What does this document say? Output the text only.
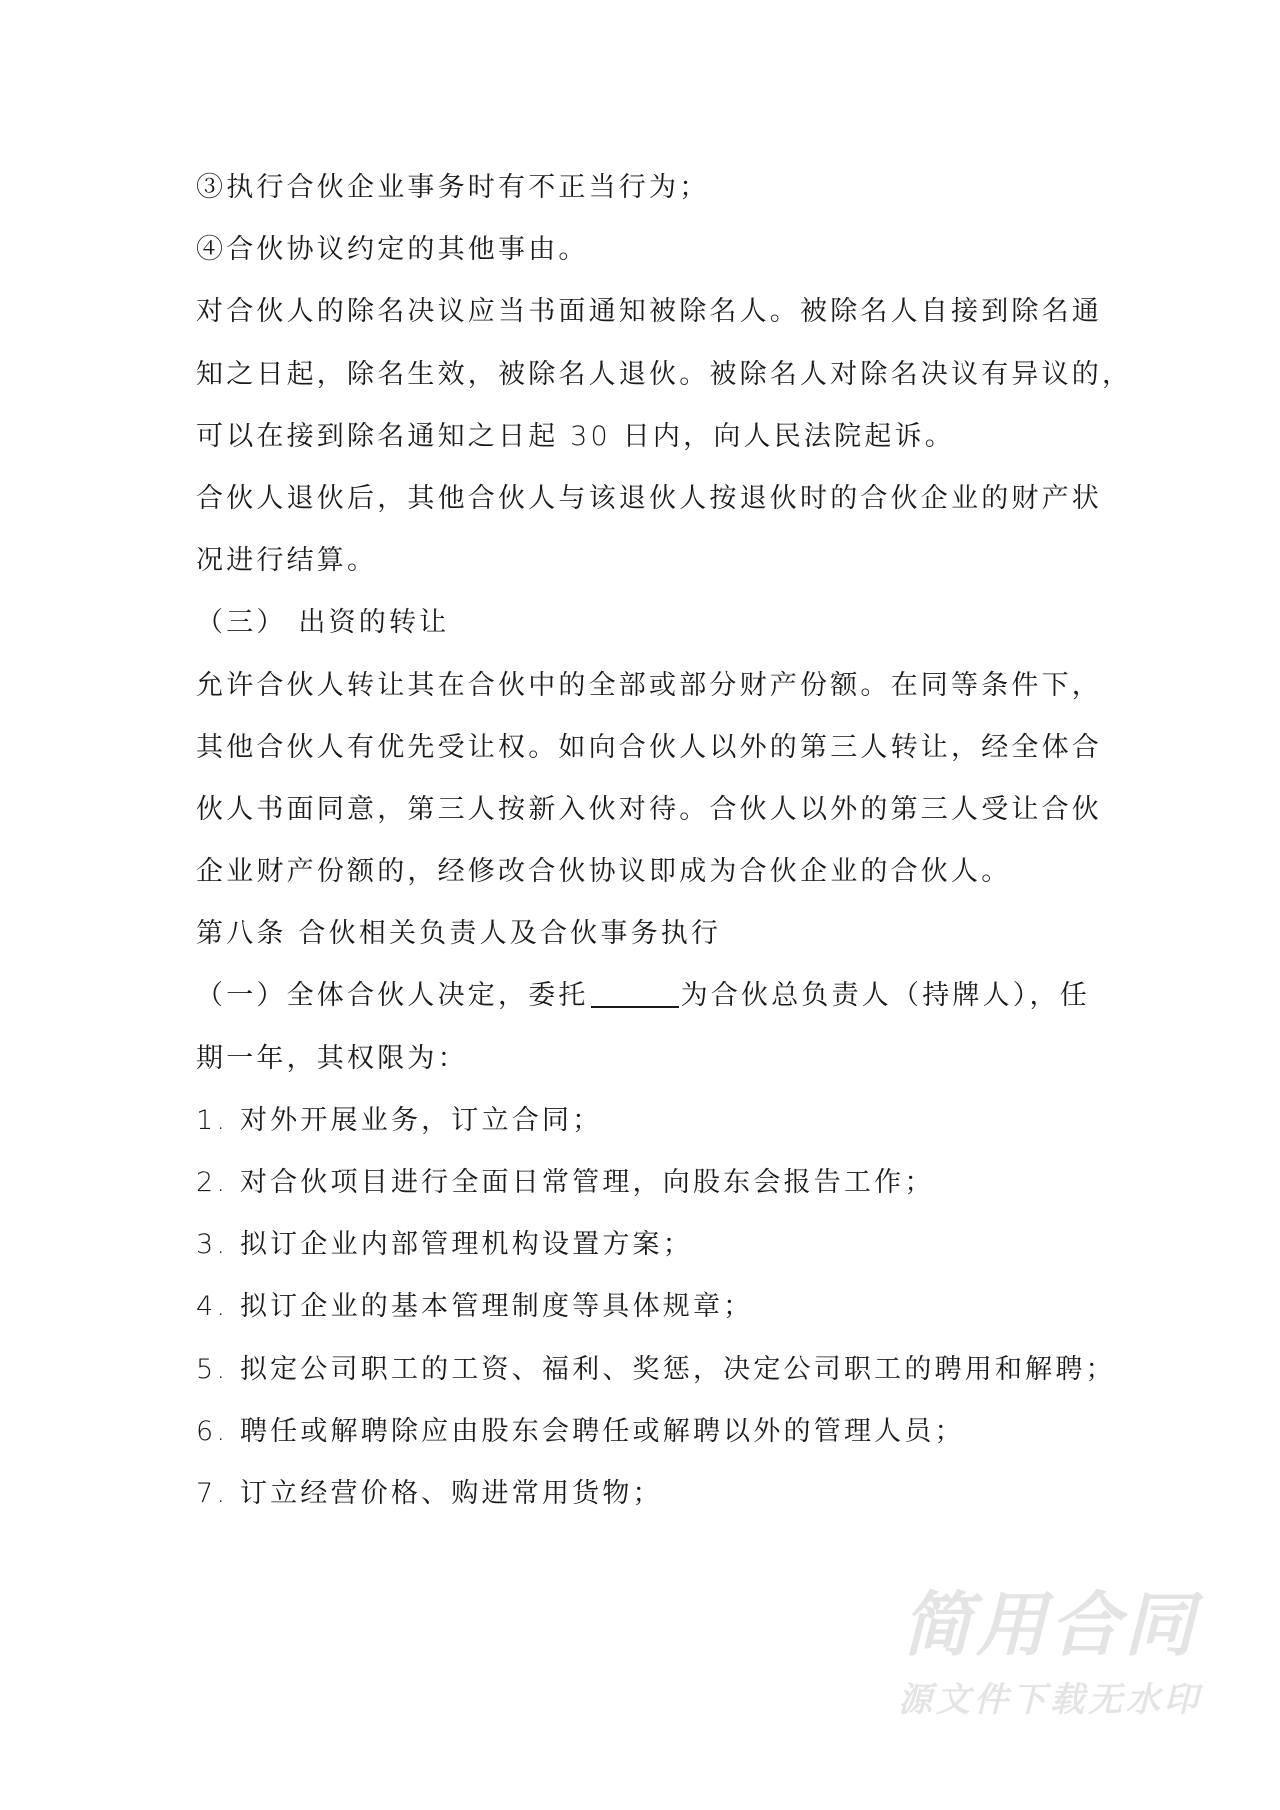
③执行合伙企业事务时有不正当行为；
④合伙协议约定的其他事由。
对合伙人的除名决议应当书面通知被除名人。被除名人自接到除名通
知之日起，除名生效，被除名人退伙。被除名人对除名决议有异议的，
可以在接到除名通知之日起 30 日内，向人民法院起诉。
合伙人退伙后，其他合伙人与该退伙人按退伙时的合伙企业的财产状
况进行结算。
（三） 出资的转让
允许合伙人转让其在合伙中的全部或部分财产份额。在同等条件下，
其他合伙人有优先受让权。如向合伙人以外的第三人转让，经全体合
伙人书面同意，第三人按新入伙对待。合伙人以外的第三人受让合伙
企业财产份额的，经修改合伙协议即成为合伙企业的合伙人。
第八条 合伙相关负责人及合伙事务执行
（一）全体合伙人决定，委托	为合伙总负责人（持牌人），任
期一年，其权限为：
1. 对外开展业务，订立合同；
2. 对合伙项目进行全面日常管理，向股东会报告工作；
3. 拟订企业内部管理机构设置方案；
4. 拟订企业的基本管理制度等具体规章；
5. 拟定公司职工的工资、福利、奖惩，决定公司职工的聘用和解聘；
6. 聘任或解聘除应由股东会聘任或解聘以外的管理人员；
7. 订立经营价格、购进常用货物；
简用合同
源文件下载无水印
